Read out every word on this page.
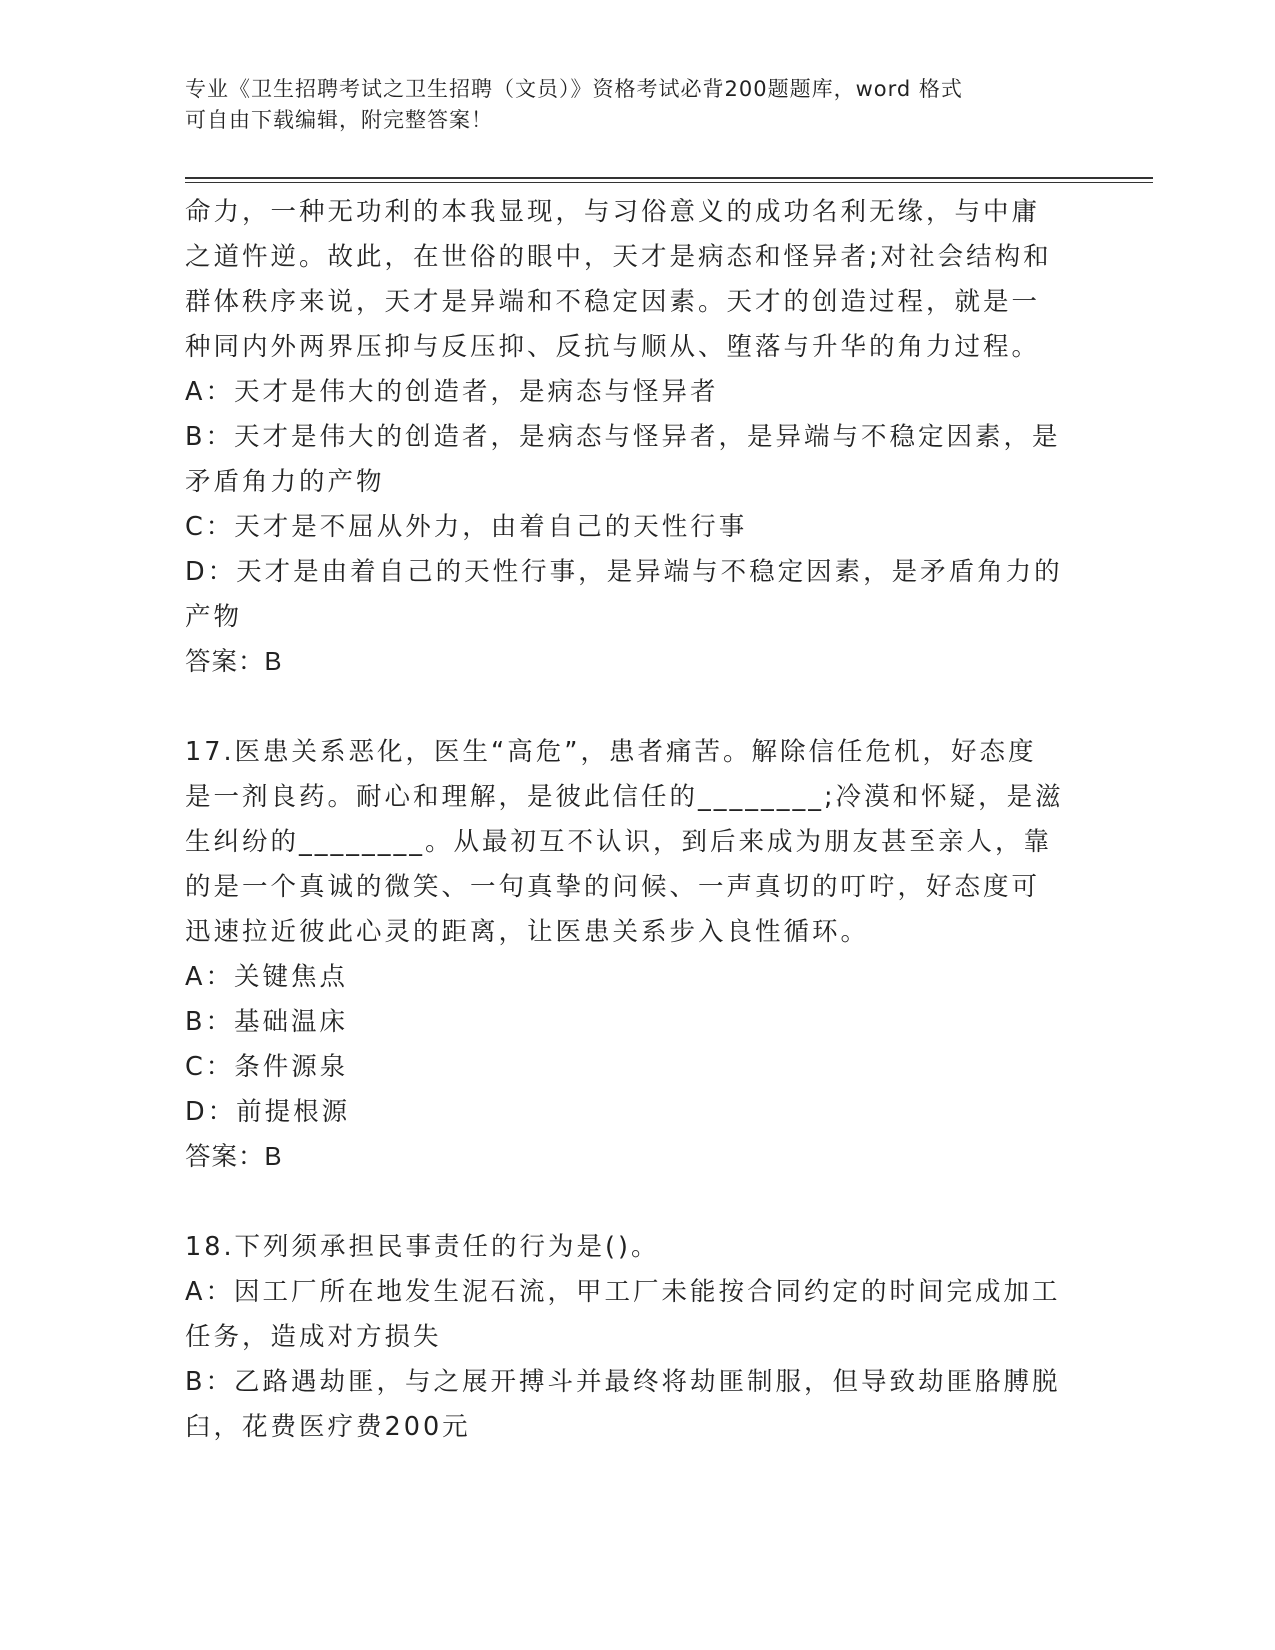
专业《卫生招聘考试之卫生招聘（文员）》资格考试必背200题题库，word 格式
可自由下载编辑，附完整答案！
命力，一种无功利的本我显现，与习俗意义的成功名利无缘，与中庸
之道忤逆。故此，在世俗的眼中，天才是病态和怪异者;对社会结构和
群体秩序来说，天才是异端和不稳定因素。天才的创造过程，就是一
种同内外两界压抑与反压抑、反抗与顺从、堕落与升华的角力过程。
A：天才是伟大的创造者，是病态与怪异者
B：天才是伟大的创造者，是病态与怪异者，是异端与不稳定因素，是
矛盾角力的产物
C：天才是不屈从外力，由着自己的天性行事
D：天才是由着自己的天性行事，是异端与不稳定因素，是矛盾角力的
产物
答案：B
17.医患关系恶化，医生“高危”，患者痛苦。解除信任危机，好态度
是一剂良药。耐心和理解，是彼此信任的________;冷漠和怀疑，是滋
生纠纷的________。从最初互不认识，到后来成为朋友甚至亲人，靠
的是一个真诚的微笑、一句真挚的问候、一声真切的叮咛，好态度可
迅速拉近彼此心灵的距离，让医患关系步入良性循环。
A：关键焦点
B：基础温床
C：条件源泉
D：前提根源
答案：B
18.下列须承担民事责任的行为是()。
A：因工厂所在地发生泥石流，甲工厂未能按合同约定的时间完成加工
任务，造成对方损失
B：乙路遇劫匪，与之展开搏斗并最终将劫匪制服，但导致劫匪胳膊脱
臼，花费医疗费200元
